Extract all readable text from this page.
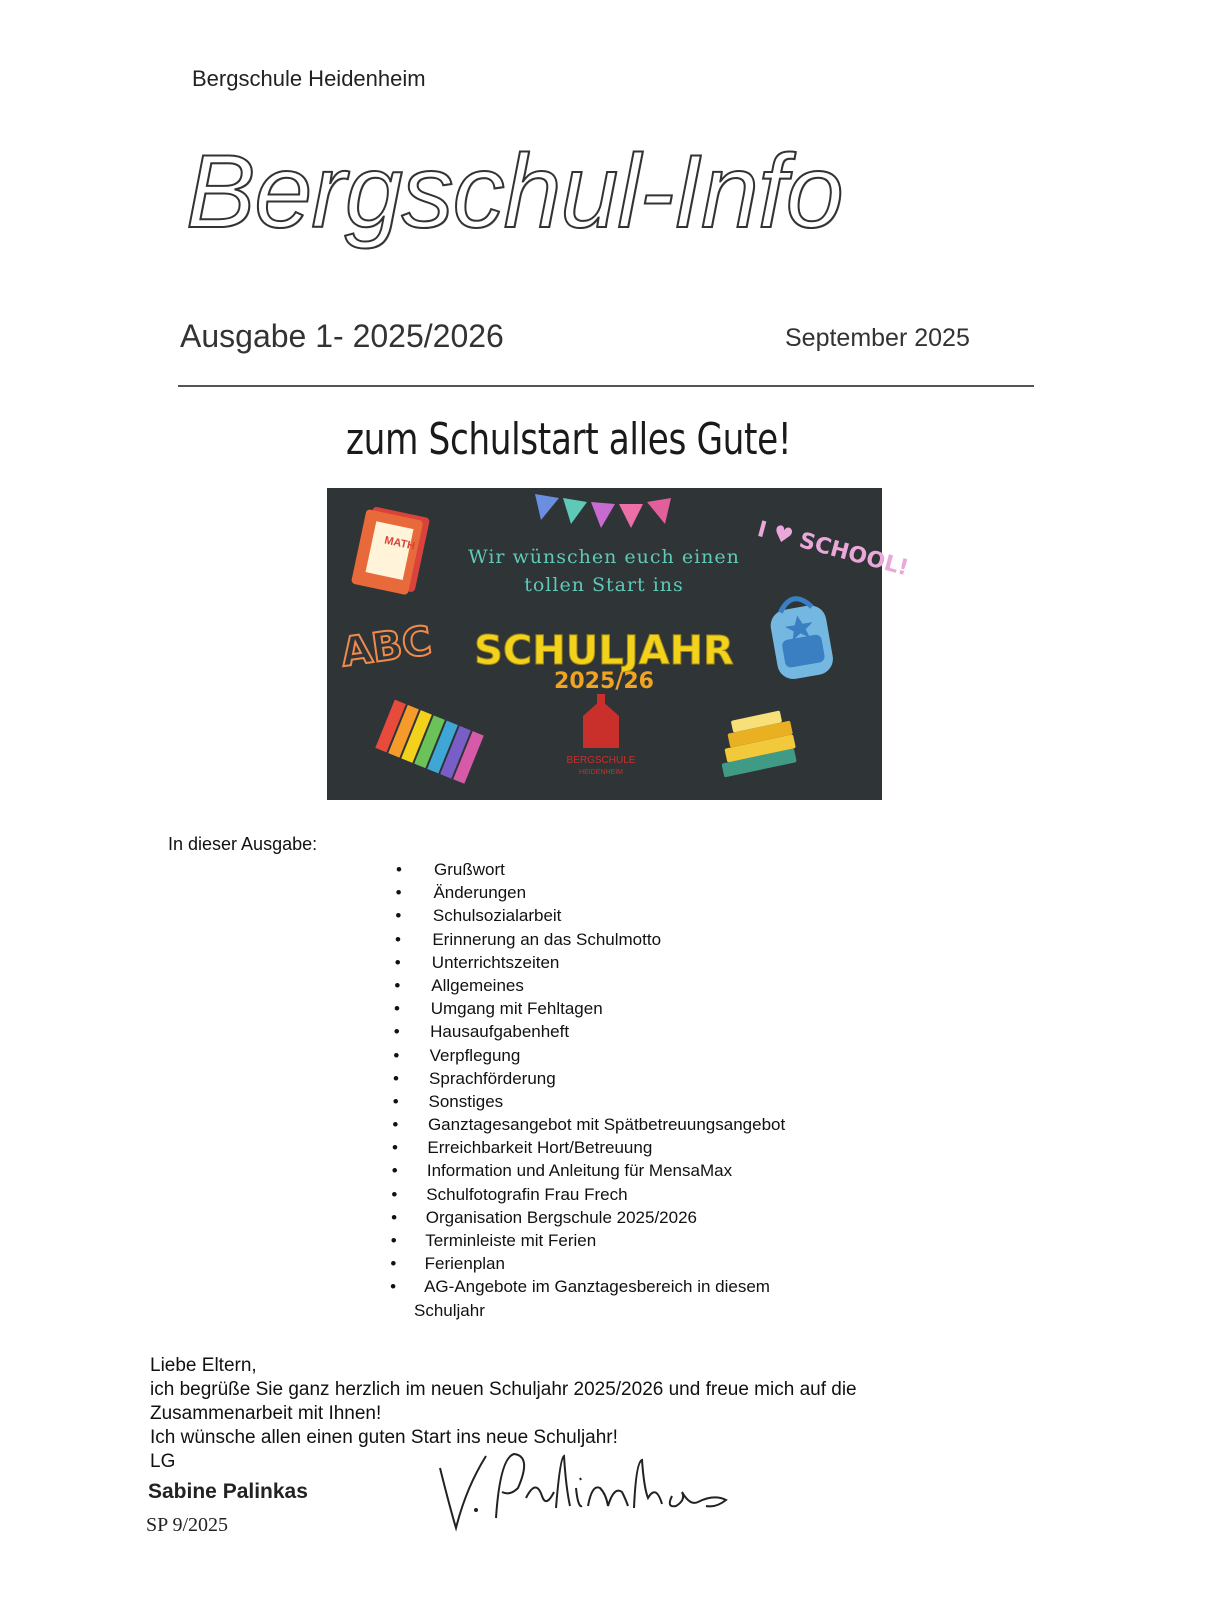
Bergschule Heidenheim
Bergschul-Info
Ausgabe 1- 2025/2026	September 2025
zum Schulstart alles Gute!
MATH
ABC
Wir wünschen euch einen
tollen Start ins
SCHULJAHR
2025/26
I ♥ SCHOOL!
BERGSCHULE
HEIDENHEIM
In dieser Ausgabe:
• Grußwort
• Änderungen
• Schulsozialarbeit
• Erinnerung an das Schulmotto
• Unterrichtszeiten
• Allgemeines
• Umgang mit Fehltagen
• Hausaufgabenheft
• Verpflegung
• Sprachförderung
• Sonstiges
• Ganztagesangebot mit Spätbetreuungsangebot
• Erreichbarkeit Hort/Betreuung
• Information und Anleitung für MensaMax
• Schulfotografin Frau Frech
• Organisation Bergschule 2025/2026
• Terminleiste mit Ferien
• Ferienplan
• AG-Angebote im Ganztagesbereich in diesem
Schuljahr
Liebe Eltern,
ich begrüße Sie ganz herzlich im neuen Schuljahr 2025/2026 und freue mich auf die
Zusammenarbeit mit Ihnen!
Ich wünsche allen einen guten Start ins neue Schuljahr!
LG
Sabine Palinkas
SP 9/2025
